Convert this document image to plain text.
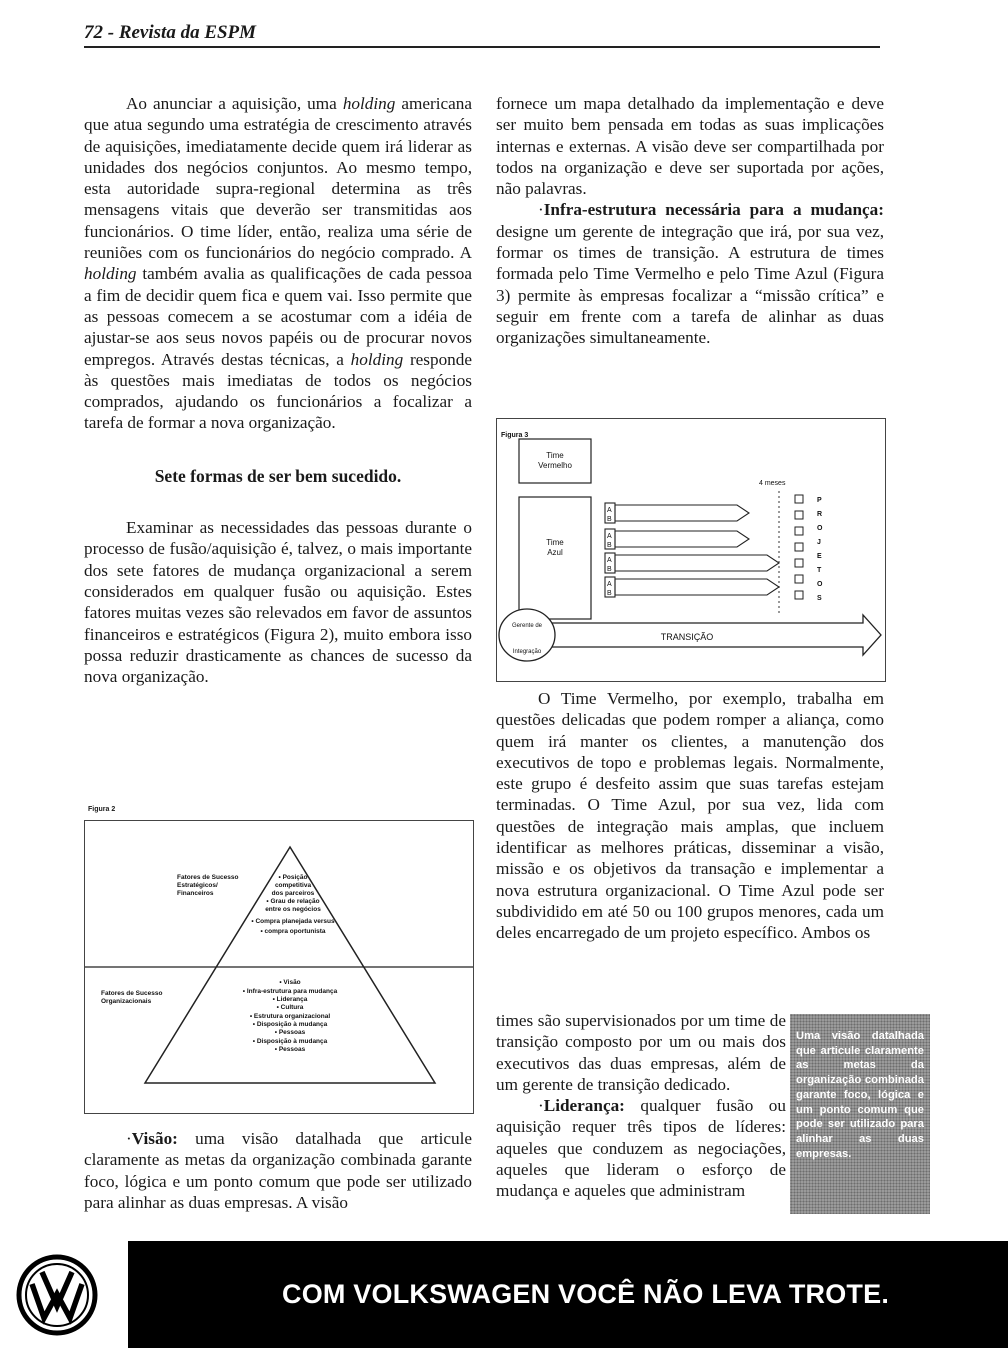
72 - Revista da ESPM

Ao anunciar a aquisição, uma holding americana que atua segundo uma estratégia de crescimento através de aquisições, imediatamente decide quem irá liderar as unidades dos negócios conjuntos. Ao mesmo tempo, esta autoridade supra-regional determina as três mensagens vitais que deverão ser transmitidas aos funcionários. O time líder, então, realiza uma série de reuniões com os funcionários do negócio comprado. A holding também avalia as qualificações de cada pessoa a fim de decidir quem fica e quem vai. Isso permite que as pessoas comecem a se acostumar com a idéia de ajustar-se aos seus novos papéis ou de procurar novos empregos. Através destas técnicas, a holding responde às questões mais imediatas de todos os negócios comprados, ajudando os funcionários a focalizar a tarefa de formar a nova organização.

Sete formas de ser bem sucedido.

Examinar as necessidades das pessoas durante o processo de fusão/aquisição é, talvez, o mais importante dos sete fatores de mudança organizacional a serem considerados em qualquer fusão ou aquisição. Estes fatores muitas vezes são relevados em favor de assuntos financeiros e estratégicos (Figura 2), muito embora isso possa reduzir drasticamente as chances de sucesso da nova organização.

Figura 2
Fatores de Sucesso
Estratégicos/
Financeiros
• Posição
competitiva
dos parceiros
• Grau de relação
entre os negócios
• Compra planejada versus
• compra oportunista
Fatores de Sucesso
Organizacionais
• Visão
• Infra-estrutura para mudança
• Liderança
• Cultura
• Estrutura organizacional
• Disposição à mudança
• Pessoas
• Disposição à mudança
• Pessoas

·Visão: uma visão datalhada que articule claramente as metas da organização combinada garante foco, lógica e um ponto comum que pode ser utilizado para alinhar as duas empresas. A visão

fornece um mapa detalhado da implementação e deve ser muito bem pensada em todas as suas implicações internas e externas. A visão deve ser compartilhada por todos na organização e deve ser suportada por ações, não palavras.

·Infra-estrutura necessária para a mudança: designe um gerente de integração que irá, por sua vez, formar os times de transição. A estrutura de times formada pelo Time Vermelho e pelo Time Azul (Figura 3) permite às empresas focalizar a “missão crítica” e seguir em frente com a tarefa de alinhar as duas organizações simultaneamente.

Figura 3
Time
Vermelho
Time
Azul
A
B
A
B
A
B
A
B
4 meses
P
R
O
J
E
T
O
S
Gerente de
Integração
TRANSIÇÃO

O Time Vermelho, por exemplo, trabalha em questões delicadas que podem romper a aliança, como quem irá manter os clientes, a manutenção dos executivos de topo e problemas legais. Normalmente, este grupo é desfeito assim que suas tarefas estejam terminadas. O Time Azul, por sua vez, lida com questões de integração mais amplas, que incluem identificar as melhores práticas, disseminar a visão, missão e os objetivos da transação e implementar a nova estrutura organizacional. O Time Azul pode ser subdividido em até 50 ou 100 grupos menores, cada um deles encarregado de um projeto específico. Ambos os

times são supervisionados por um time de transição composto por um ou mais dos executivos das duas empresas, além de um gerente de transição dedicado.

·Liderança: qualquer fusão ou aquisição requer três tipos de líderes: aqueles que conduzem as negociações, aqueles que lideram o esforço de mudança e aqueles que administram

Uma visão datalhada que articule claramente as metas da organização combinada garante foco, lógica e um ponto comum que pode ser utilizado para alinhar as duas empresas.
COM VOLKSWAGEN VOCÊ NÃO LEVA TROTE.
